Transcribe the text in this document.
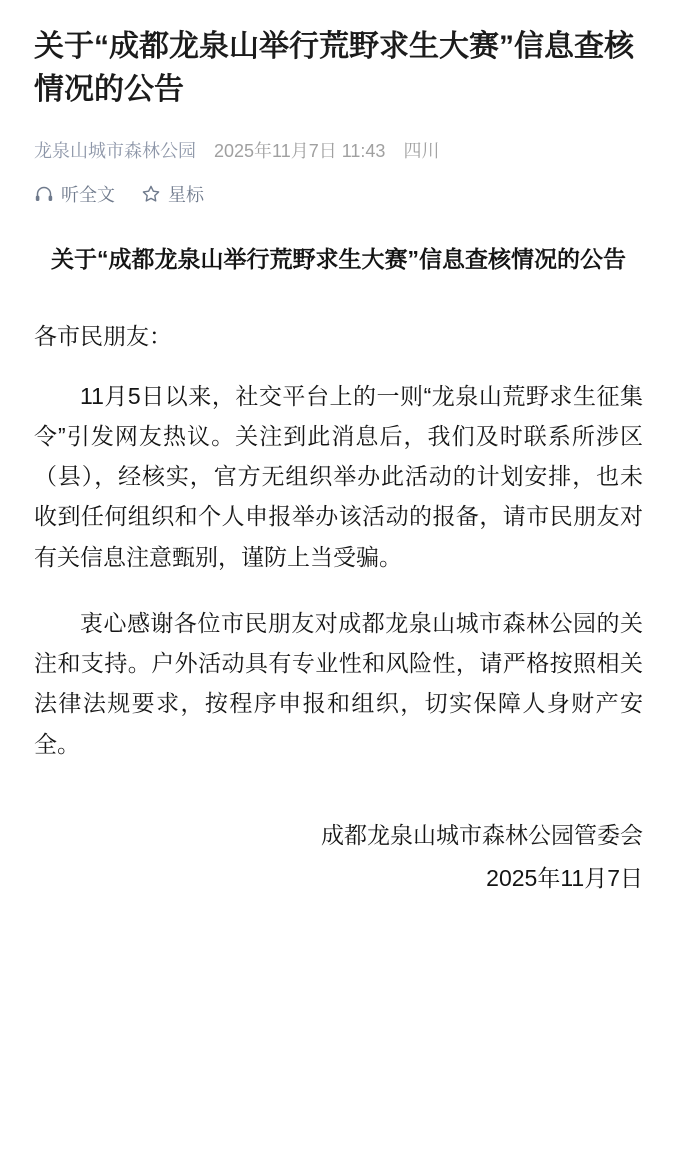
关于“成都龙泉山举行荒野求生大赛”信息查核情况的公告
龙泉山城市森林公园 2025年11月7日 11:43 四川
听全文	星标
关于“成都龙泉山举行荒野求生大赛”信息查核情况的公告

各市民朋友：

11月5日以来，社交平台上的一则“龙泉山荒野求生征集令”引发网友热议。关注到此消息后，我们及时联系所涉区（县），经核实，官方无组织举办此活动的计划安排，也未收到任何组织和个人申报举办该活动的报备，请市民朋友对有关信息注意甄别，谨防上当受骗。

衷心感谢各位市民朋友对成都龙泉山城市森林公园的关注和支持。户外活动具有专业性和风险性，请严格按照相关法律法规要求，按程序申报和组织，切实保障人身财产安全。

成都龙泉山城市森林公园管委会

2025年11月7日
